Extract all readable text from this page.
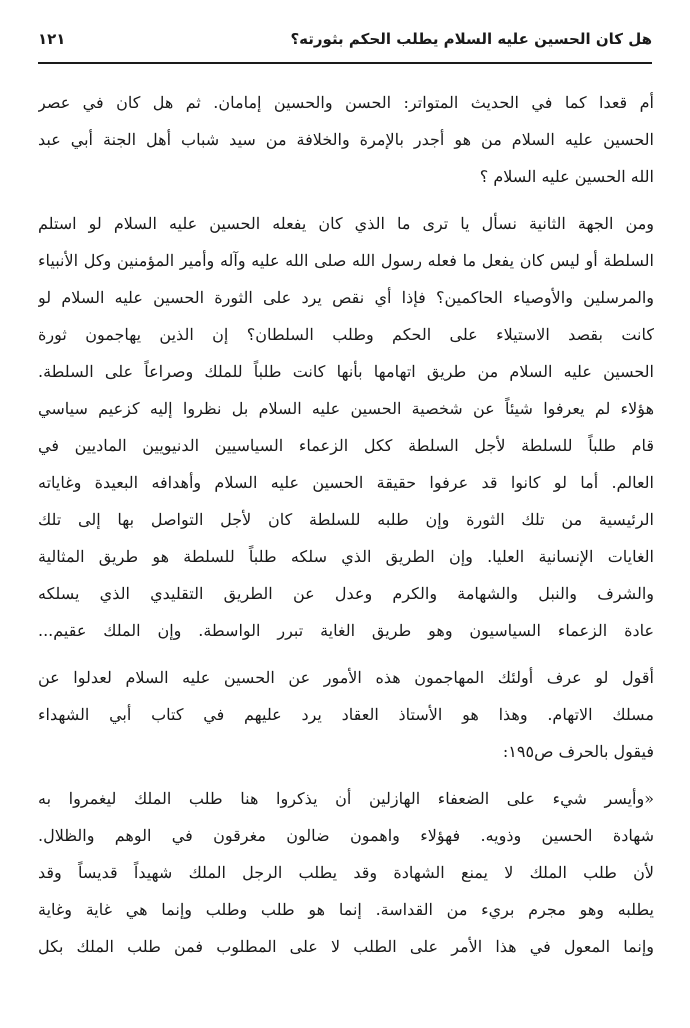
هل كان الحسين عليه السلام يطلب الحكم بثورته؟
١٢١
أم قعدا كما في الحديث المتواتر: الحسن والحسين إمامان. ثم هل كان في عصر
الحسين عليه السلام من هو أجدر بالإمرة والخلافة من سيد شباب أهل الجنة أبي عبد
الله الحسين عليه السلام ؟
ومن الجهة الثانية نسأل يا ترى ما الذي كان يفعله الحسين عليه السلام لو استلم
السلطة أو ليس كان يفعل ما فعله رسول الله صلى الله عليه وآله وأمير المؤمنين وكل الأنبياء
والمرسلين والأوصياء الحاكمين؟ فإذا أي نقص يرد على الثورة الحسين عليه السلام لو
كانت بقصد الاستيلاء على الحكم وطلب السلطان؟ إن الذين يهاجمون ثورة
الحسين عليه السلام من طريق اتهامها بأنها كانت طلباً للملك وصراعاً على السلطة.
هؤلاء لم يعرفوا شيئاً عن شخصية الحسين عليه السلام بل نظروا إليه كزعيم سياسي
قام طلباً للسلطة لأجل السلطة ككل الزعماء السياسيين الدنيويين الماديين في
العالم. أما لو كانوا قد عرفوا حقيقة الحسين عليه السلام وأهدافه البعيدة وغاياته
الرئيسية من تلك الثورة وإن طلبه للسلطة كان لأجل التواصل بها إلى تلك
الغايات الإنسانية العليا. وإن الطريق الذي سلكه طلباً للسلطة هو طريق المثالية
والشرف والنبل والشهامة والكرم وعدل عن الطريق التقليدي الذي يسلكه
عادة الزعماء السياسيون وهو طريق الغاية تبرر الواسطة. وإن الملك عقيم...
أقول لو عرف أولئك المهاجمون هذه الأمور عن الحسين عليه السلام لعدلوا عن
مسلك الاتهام. وهذا هو الأستاذ العقاد يرد عليهم في كتاب أبي الشهداء
فيقول بالحرف ص١٩٥:
«وأيسر شيء على الضعفاء الهازلين أن يذكروا هنا طلب الملك ليغمروا به
شهادة الحسين وذويه. فهؤلاء واهمون ضالون مغرقون في الوهم والظلال.
لأن طلب الملك لا يمنع الشهادة وقد يطلب الرجل الملك شهيداً قديساً وقد
يطلبه وهو مجرم بريء من القداسة. إنما هو طلب وطلب وإنما هي غاية وغاية
وإنما المعول في هذا الأمر على الطلب لا على المطلوب فمن طلب الملك بكل
